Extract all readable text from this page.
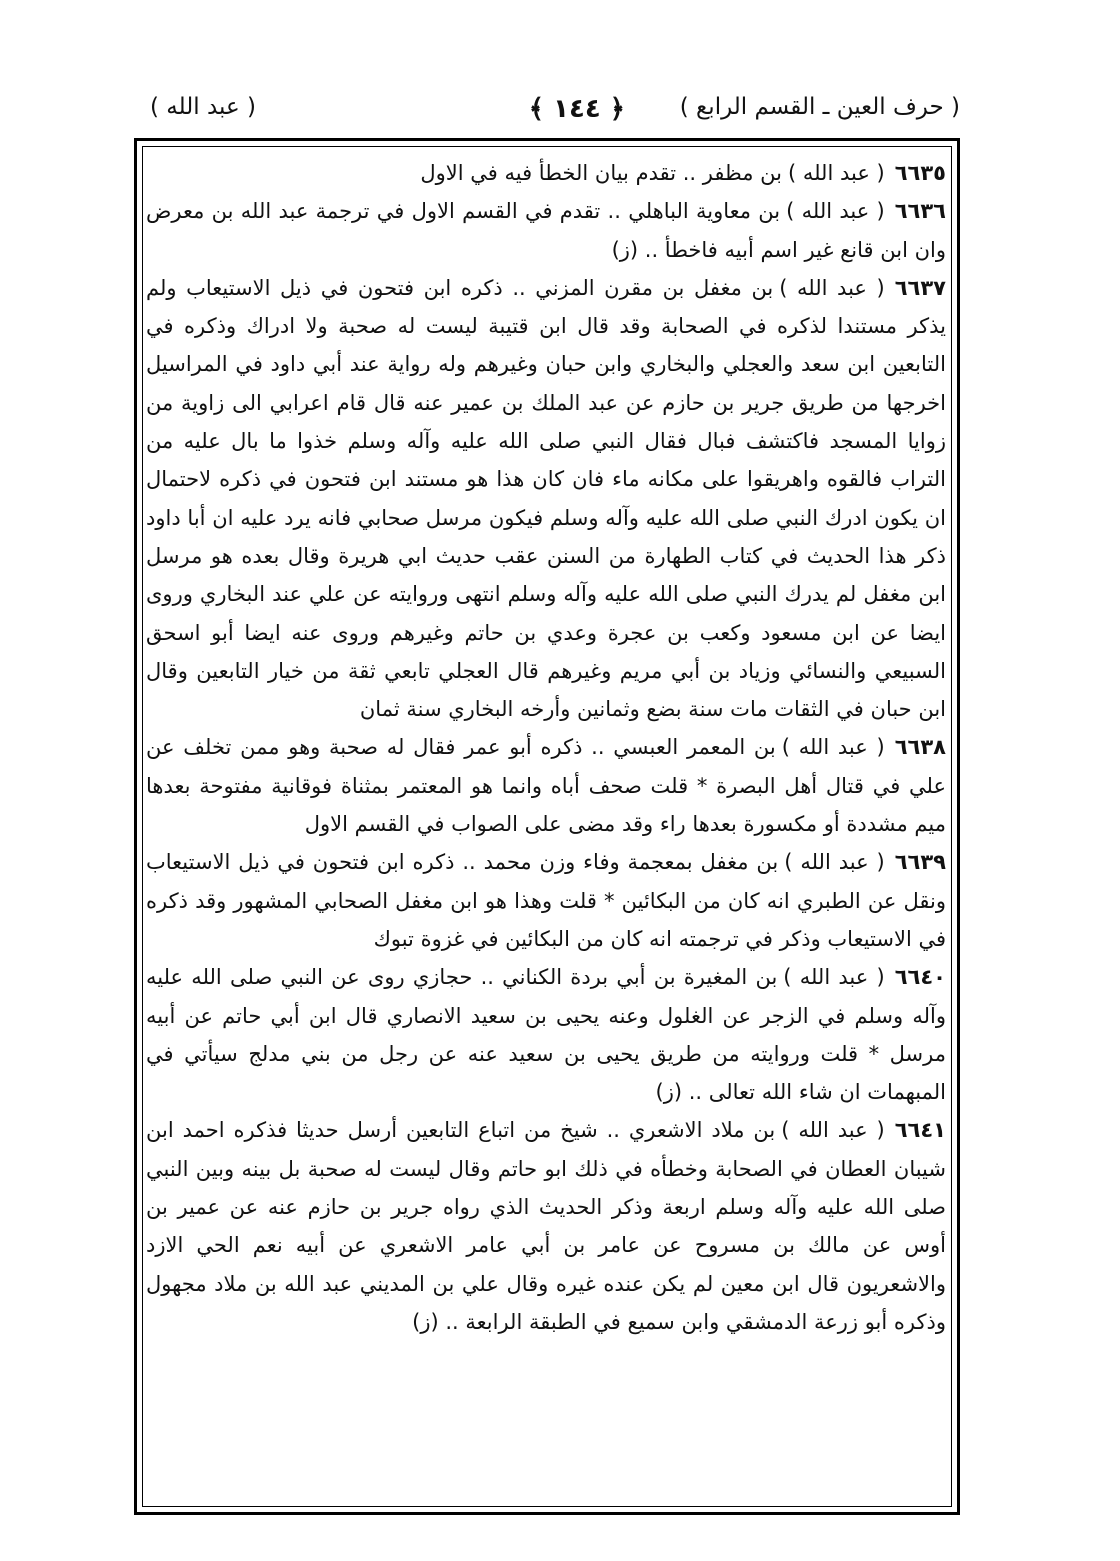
( حرف العين ـ القسم الرابع )
﴿ ١٤٤ ﴾
( عبد الله )

٦٦٣٥( عبد الله )بن مظفر .. تقدم بيان الخطأ فيه في الاول

٦٦٣٦( عبد الله )بن معاوية الباهلي .. تقدم في القسم الاول في ترجمة عبد الله بن معرض وان ابن قانع غير اسم أبيه فاخطأ .. (ز)

٦٦٣٧( عبد الله )بن مغفل بن مقرن المزني .. ذكره ابن فتحون في ذيل الاستيعاب ولم يذكر مستندا لذكره في الصحابة وقد قال ابن قتيبة ليست له صحبة ولا ادراك وذكره في التابعين ابن سعد والعجلي والبخاري وابن حبان وغيرهم وله رواية عند أبي داود في المراسيل اخرجها من طريق جرير بن حازم عن عبد الملك بن عمير عنه قال قام اعرابي الى زاوية من زوايا المسجد فاكتشف فبال فقال النبي صلى الله عليه وآله وسلم خذوا ما بال عليه من التراب فالقوه واهريقوا على مكانه ماء فان كان هذا هو مستند ابن فتحون في ذكره لاحتمال ان يكون ادرك النبي صلى الله عليه وآله وسلم فيكون مرسل صحابي فانه يرد عليه ان أبا داود ذكر هذا الحديث في كتاب الطهارة من السنن عقب حديث ابي هريرة وقال بعده هو مرسل ابن مغفل لم يدرك النبي صلى الله عليه وآله وسلم انتهى وروايته عن علي عند البخاري وروى ايضا عن ابن مسعود وكعب بن عجرة وعدي بن حاتم وغيرهم وروى عنه ايضا أبو اسحق السبيعي والنسائي وزياد بن أبي مريم وغيرهم قال العجلي تابعي ثقة من خيار التابعين وقال ابن حبان في الثقات مات سنة بضع وثمانين وأرخه البخاري سنة ثمان

٦٦٣٨( عبد الله )بن المعمر العبسي .. ذكره أبو عمر فقال له صحبة وهو ممن تخلف عن علي في قتال أهل البصرة * قلت صحف أباه وانما هو المعتمر بمثناة فوقانية مفتوحة بعدها ميم مشددة أو مكسورة بعدها راء وقد مضى على الصواب في القسم الاول

٦٦٣٩( عبد الله )بن مغفل بمعجمة وفاء وزن محمد .. ذكره ابن فتحون في ذيل الاستيعاب ونقل عن الطبري انه كان من البكائين * قلت وهذا هو ابن مغفل الصحابي المشهور وقد ذكره في الاستيعاب وذكر في ترجمته انه كان من البكائين في غزوة تبوك

٦٦٤٠( عبد الله )بن المغيرة بن أبي بردة الكناني .. حجازي روى عن النبي صلى الله عليه وآله وسلم في الزجر عن الغلول وعنه يحيى بن سعيد الانصاري قال ابن أبي حاتم عن أبيه مرسل * قلت وروايته من طريق يحيى بن سعيد عنه عن رجل من بني مدلج سيأتي في المبهمات ان شاء الله تعالى .. (ز)

٦٦٤١( عبد الله )بن ملاد الاشعري .. شيخ من اتباع التابعين أرسل حديثا فذكره احمد ابن شيبان العطان في الصحابة وخطأه في ذلك ابو حاتم وقال ليست له صحبة بل بينه وبين النبي صلى الله عليه وآله وسلم اربعة وذكر الحديث الذي رواه جرير بن حازم عنه عن عمير بن أوس عن مالك بن مسروح عن عامر بن أبي عامر الاشعري عن أبيه نعم الحي الازد والاشعريون قال ابن معين لم يكن عنده غيره وقال علي بن المديني عبد الله بن ملاد مجهول وذكره أبو زرعة الدمشقي وابن سميع في الطبقة الرابعة .. (ز)
